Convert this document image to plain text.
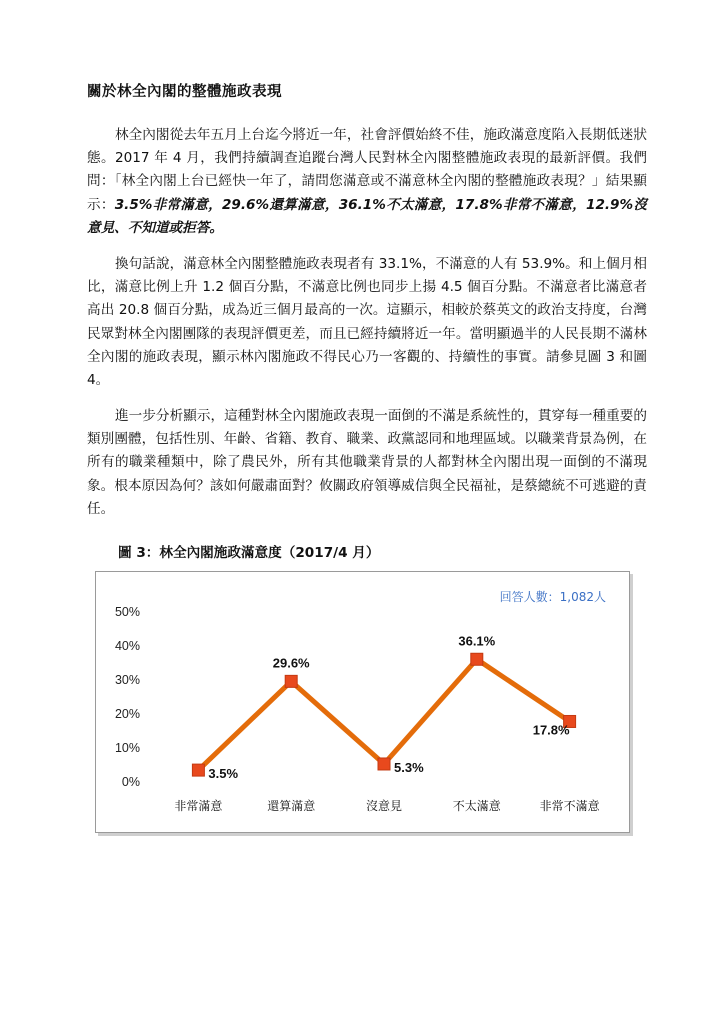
關於林全內閣的整體施政表現

林全內閣從去年五月上台迄今將近一年，社會評價始終不佳，施政滿意度陷入長期低迷狀態。2017 年 4 月，我們持續調查追蹤台灣人民對林全內閣整體施政表現的最新評價。我們問：「林全內閣上台已經快一年了，請問您滿意或不滿意林全內閣的整體施政表現？」結果顯示：3.5%非常滿意，29.6%還算滿意，36.1%不太滿意，17.8%非常不滿意，12.9%沒意見、不知道或拒答。

換句話說，滿意林全內閣整體施政表現者有 33.1%，不滿意的人有 53.9%。和上個月相比，滿意比例上升 1.2 個百分點，不滿意比例也同步上揚 4.5 個百分點。不滿意者比滿意者高出 20.8 個百分點，成為近三個月最高的一次。這顯示，相較於蔡英文的政治支持度，台灣民眾對林全內閣團隊的表現評價更差，而且已經持續將近一年。當明顯過半的人民長期不滿林全內閣的施政表現，顯示林內閣施政不得民心乃一客觀的、持續性的事實。請參見圖 3 和圖 4。

進一步分析顯示，這種對林全內閣施政表現一面倒的不滿是系統性的，貫穿每一種重要的類別團體，包括性別、年齡、省籍、教育、職業、政黨認同和地理區域。以職業背景為例，在所有的職業種類中，除了農民外，所有其他職業背景的人都對林全內閣出現一面倒的不滿現象。根本原因為何？該如何嚴肅面對？攸關政府領導威信與全民福祉，是蔡總統不可逃避的責任。

圖 3：林全內閣施政滿意度（2017/4 月）
回答人數：1,082人
0%
10%
20%
30%
40%
50%
非常滿意	還算滿意	沒意見	不太滿意	非常不滿意
3.5%
29.6%
5.3%
36.1%
17.8%
